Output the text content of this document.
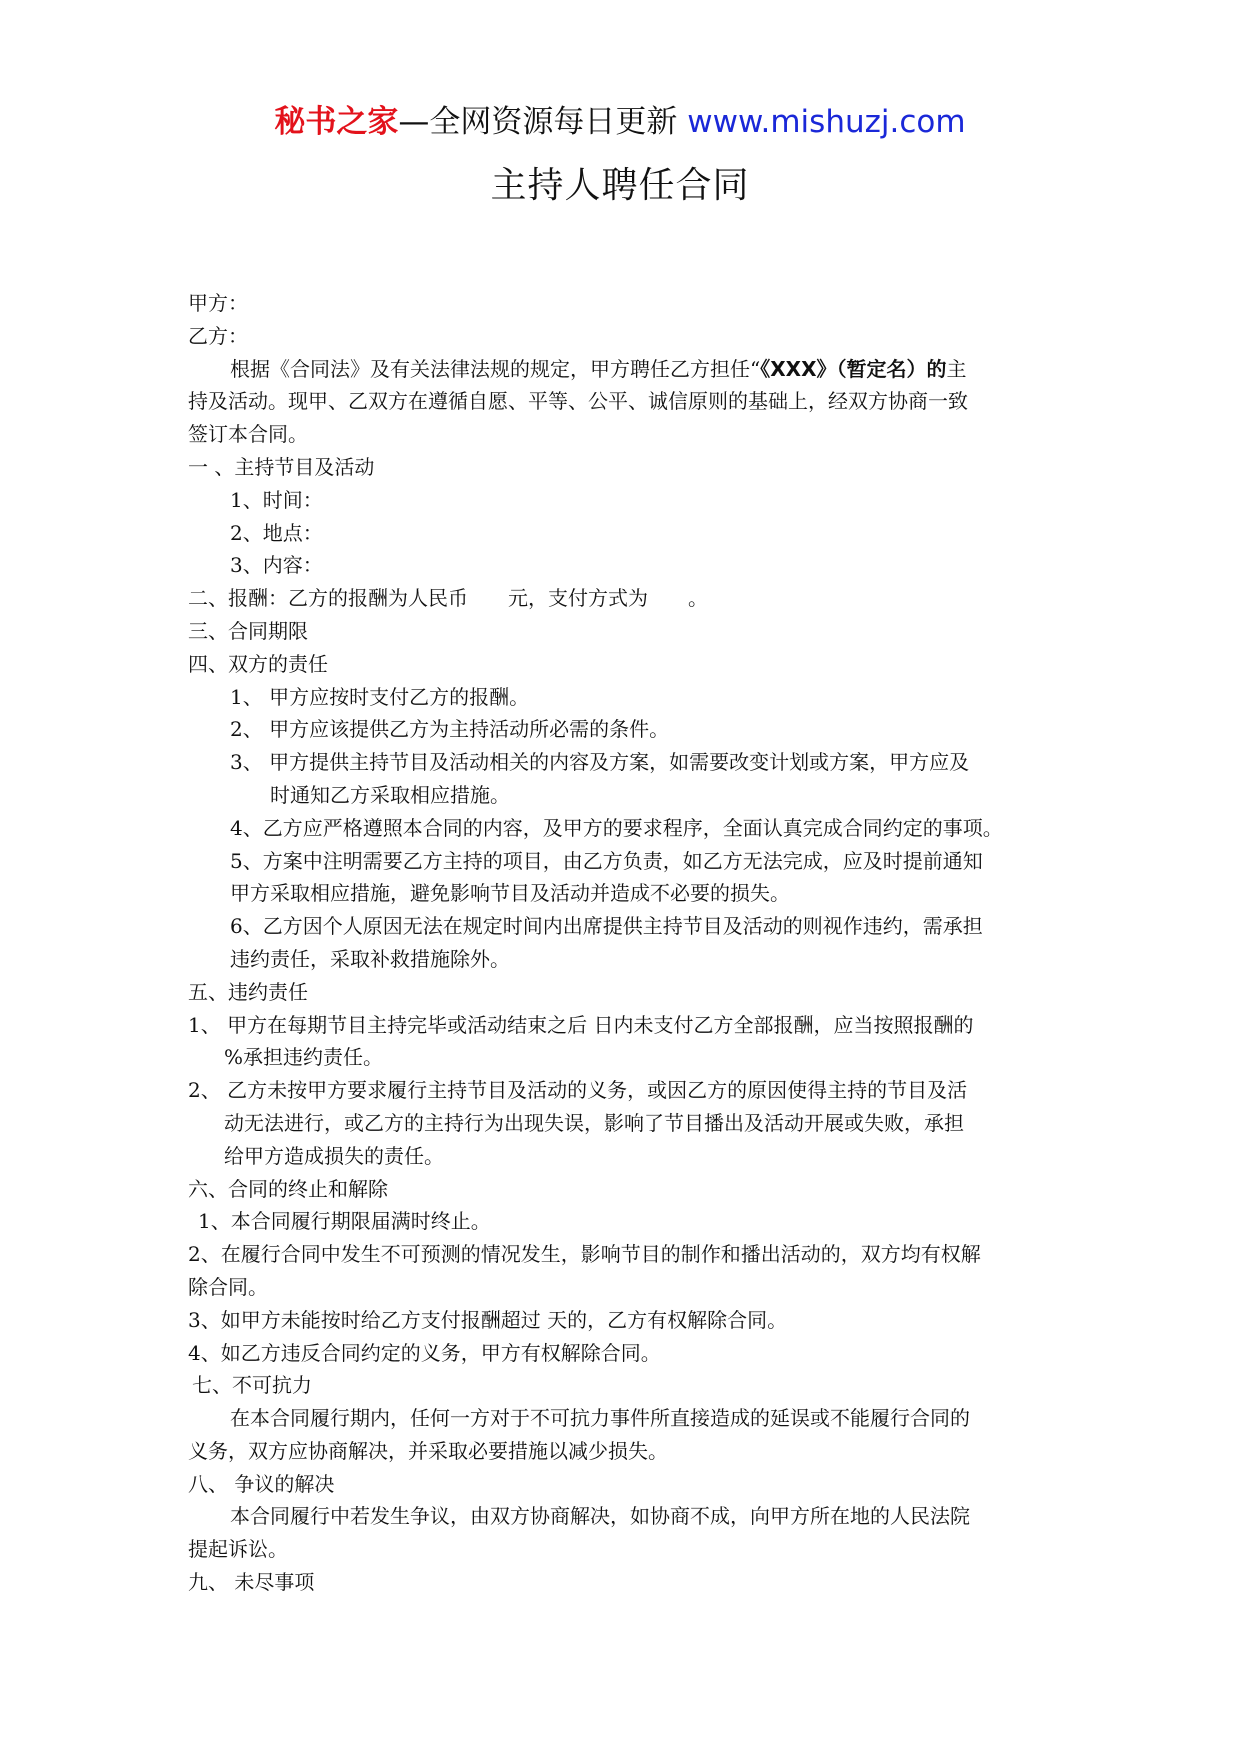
秘书之家—全网资源每日更新 www.mishuzj.com
主持人聘任合同
甲方：
乙方：
根据《合同法》及有关法律法规的规定，甲方聘任乙方担任“《XXX》（暂定名）的主
持及活动。现甲、乙双方在遵循自愿、平等、公平、诚信原则的基础上，经双方协商一致
签订本合同。
一 、主持节目及活动
1、时间：
2、地点：
3、内容：
二、报酬：乙方的报酬为人民币　　元，支付方式为　　。
三、合同期限
四、双方的责任
1、 甲方应按时支付乙方的报酬。
2、 甲方应该提供乙方为主持活动所必需的条件。
3、 甲方提供主持节目及活动相关的内容及方案，如需要改变计划或方案，甲方应及
时通知乙方采取相应措施。
4、乙方应严格遵照本合同的内容，及甲方的要求程序，全面认真完成合同约定的事项。
5、方案中注明需要乙方主持的项目，由乙方负责，如乙方无法完成，应及时提前通知
甲方采取相应措施，避免影响节目及活动并造成不必要的损失。
6、乙方因个人原因无法在规定时间内出席提供主持节目及活动的则视作违约，需承担
违约责任，采取补救措施除外。
五、违约责任
1、 甲方在每期节目主持完毕或活动结束之后 日内未支付乙方全部报酬，应当按照报酬的
%承担违约责任。
2、 乙方未按甲方要求履行主持节目及活动的义务，或因乙方的原因使得主持的节目及活
动无法进行，或乙方的主持行为出现失误，影响了节目播出及活动开展或失败，承担
给甲方造成损失的责任。
六、合同的终止和解除
1、本合同履行期限届满时终止。
2、在履行合同中发生不可预测的情况发生，影响节目的制作和播出活动的，双方均有权解
除合同。
3、如甲方未能按时给乙方支付报酬超过 天的，乙方有权解除合同。
4、如乙方违反合同约定的义务，甲方有权解除合同。
七、不可抗力
在本合同履行期内，任何一方对于不可抗力事件所直接造成的延误或不能履行合同的
义务，双方应协商解决，并采取必要措施以减少损失。
八、 争议的解决
本合同履行中若发生争议，由双方协商解决，如协商不成，向甲方所在地的人民法院
提起诉讼。
九、 未尽事项
